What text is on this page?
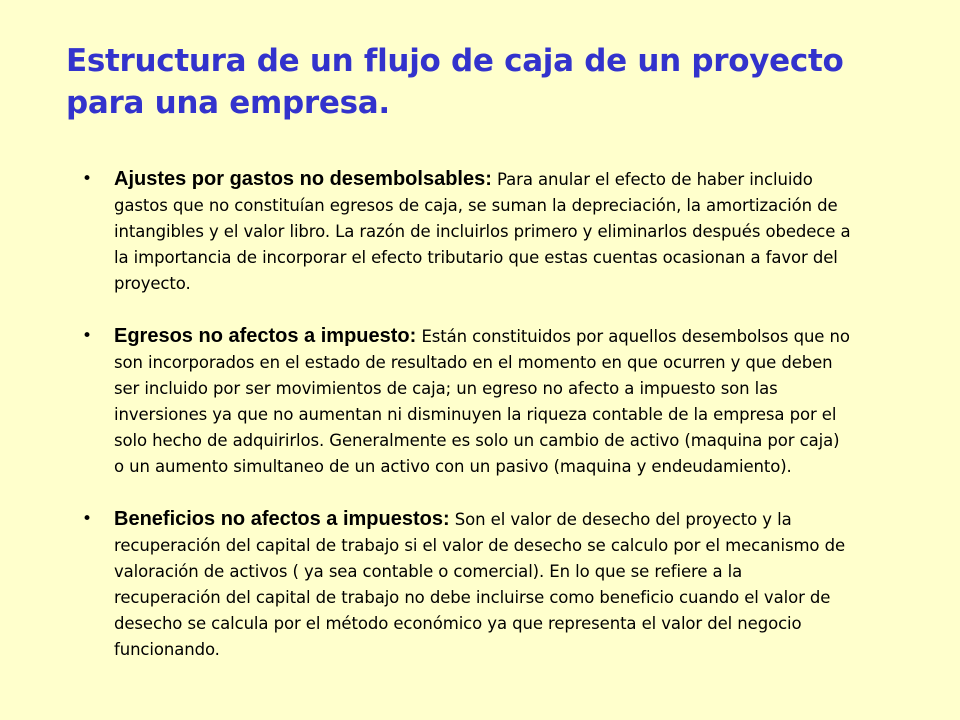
Estructura de un flujo de caja de un proyecto para una empresa.
• Ajustes por gastos no desembolsables: Para anular el efecto de haber incluido gastos que no constituían egresos de caja, se suman la depreciación, la amortización de intangibles y el valor libro. La razón de incluirlos primero y eliminarlos después obedece a la importancia de incorporar el efecto tributario que estas cuentas ocasionan a favor del proyecto.
• Egresos no afectos a impuesto: Están constituidos por aquellos desembolsos que no son incorporados en el estado de resultado en el momento en que ocurren y que deben ser incluido por ser movimientos de caja; un egreso no afecto a impuesto son las inversiones ya que no aumentan ni disminuyen la riqueza contable de la empresa por el solo hecho de adquirirlos. Generalmente es solo un cambio de activo (maquina por caja) o un aumento simultaneo de un activo con un pasivo (maquina y endeudamiento).
• Beneficios no afectos a impuestos: Son el valor de desecho del proyecto y la recuperación del capital de trabajo si el valor de desecho se calculo por el mecanismo de valoración de activos ( ya sea contable o comercial). En lo que se refiere a la recuperación del capital de trabajo no debe incluirse como beneficio cuando el valor de desecho se calcula por el método económico ya que representa el valor del negocio funcionando.
